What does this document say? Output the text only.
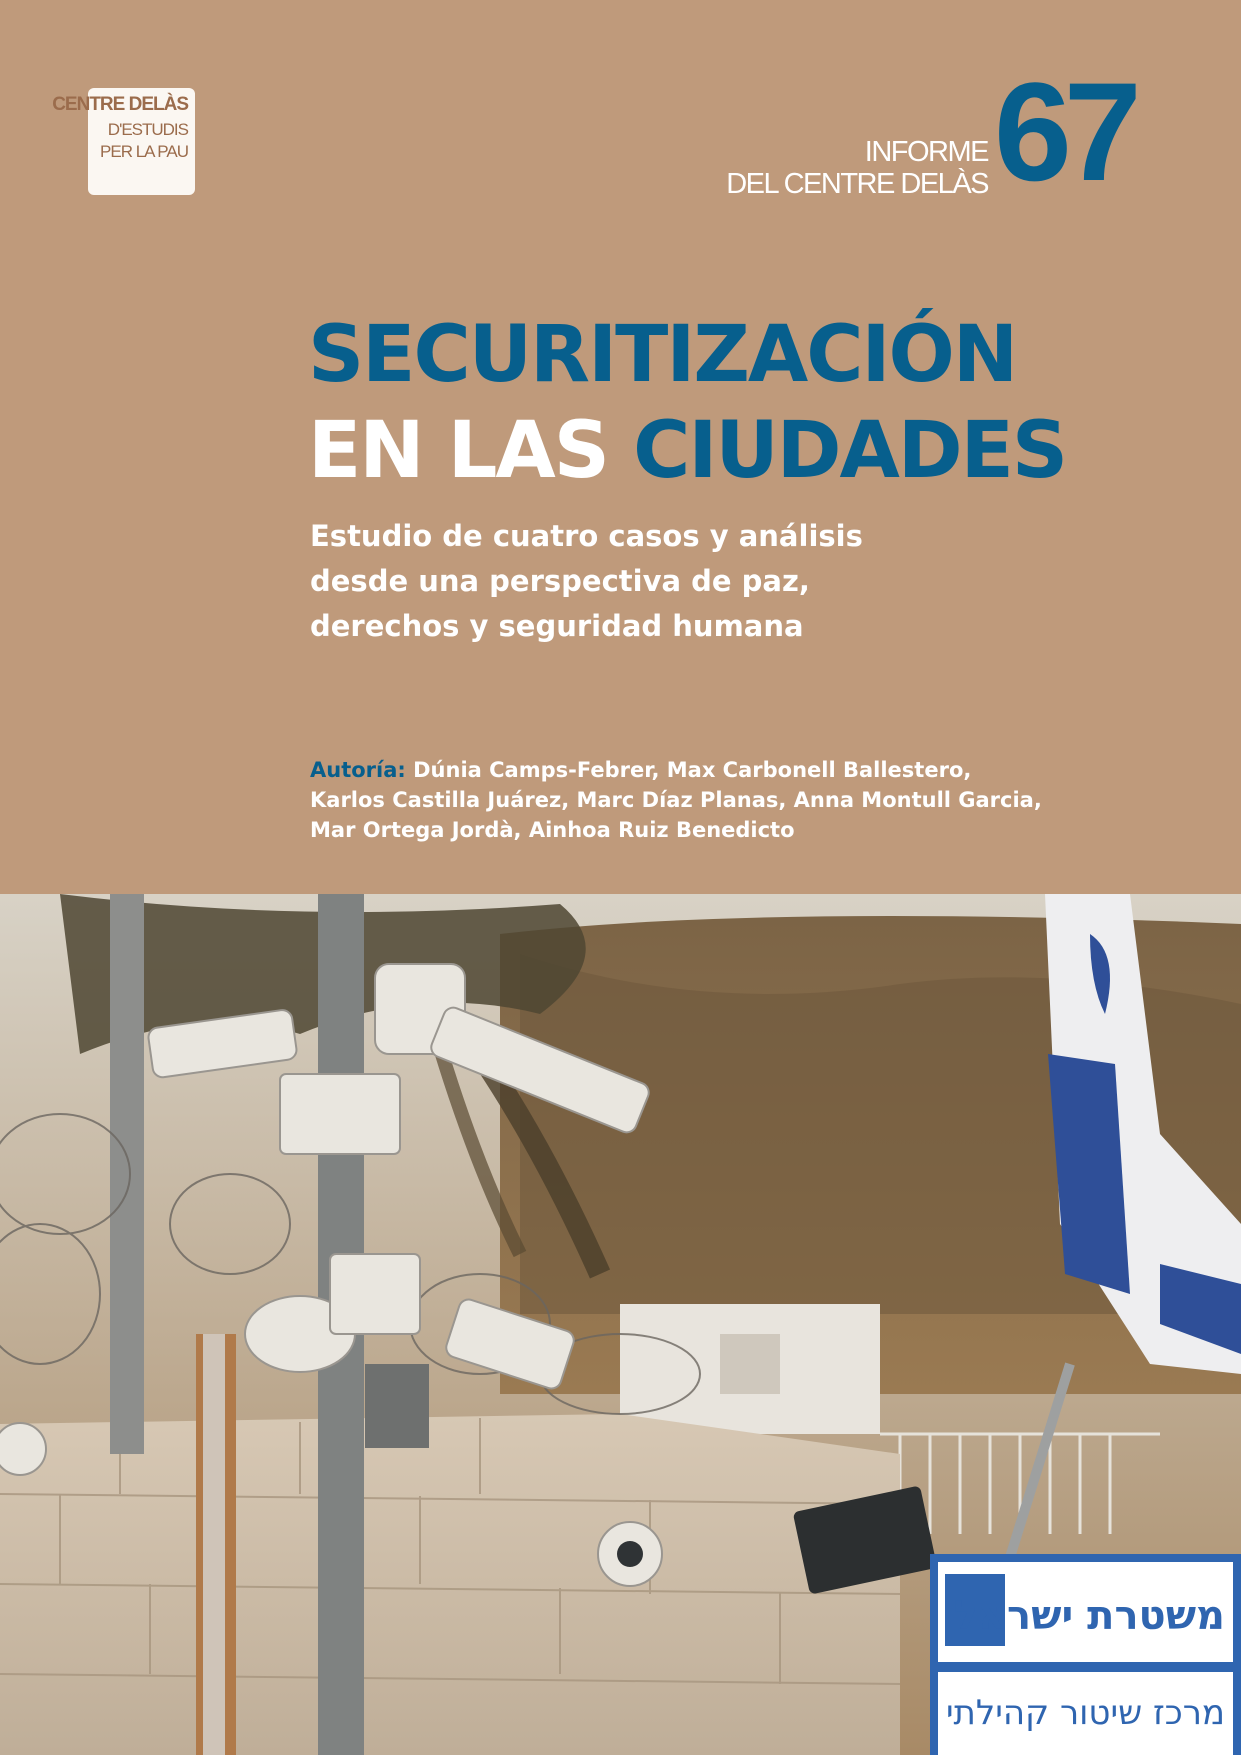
CENTRE DELÀS
D'ESTUDIS
PER LA PAU	INFORME
DEL CENTRE DELÀS 67
SECURITIZACIÓN
EN LAS CIUDADES
Estudio de cuatro casos y análisis
desde una perspectiva de paz,
derechos y seguridad humana
Autoría: Dúnia Camps-Febrer, Max Carbonell Ballestero,
Karlos Castilla Juárez, Marc Díaz Planas, Anna Montull Garcia,
Mar Ortega Jordà, Ainhoa Ruiz Benedicto
משטרת ישראל
מרכז שיטור קהילתי
